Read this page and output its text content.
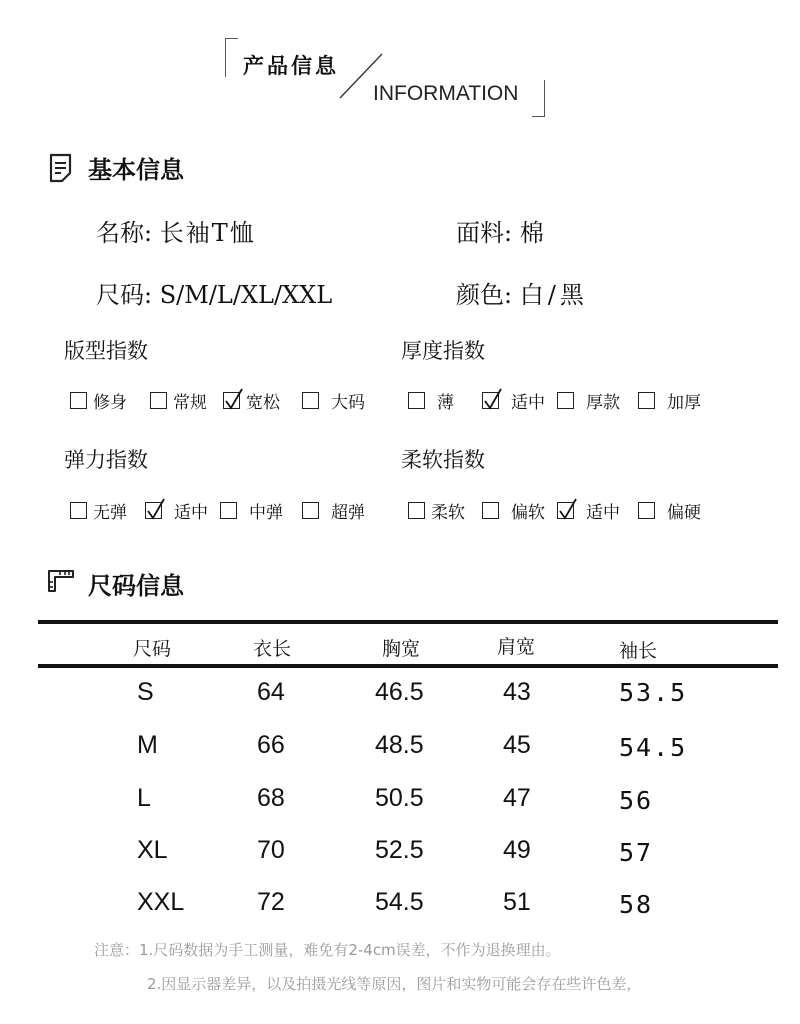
产品信息
INFORMATION
基本信息
名称: 长袖T恤	面料: 棉
尺码: S/M/L/XL/XXL	颜色: 白/黑
版型指数	厚度指数
修身	常规 宽松	大码	薄	适中 厚款	加厚
弹力指数	柔软指数
无弹	适中 中弹	超弹	柔软	偏软 适中	偏硬
尺码信息
尺码	衣长	胸宽	肩宽	袖长
S	64	46.5	43	53.5
M	66	48.5	45	54.5
L	68	50.5	47	56
XL	70	52.5	49	57
XXL	72	54.5	51	58
注意：1.尺码数据为手工测量，难免有2-4cm误差，不作为退换理由。
2.因显示器差异，以及拍摄光线等原因，图片和实物可能会存在些许色差，
